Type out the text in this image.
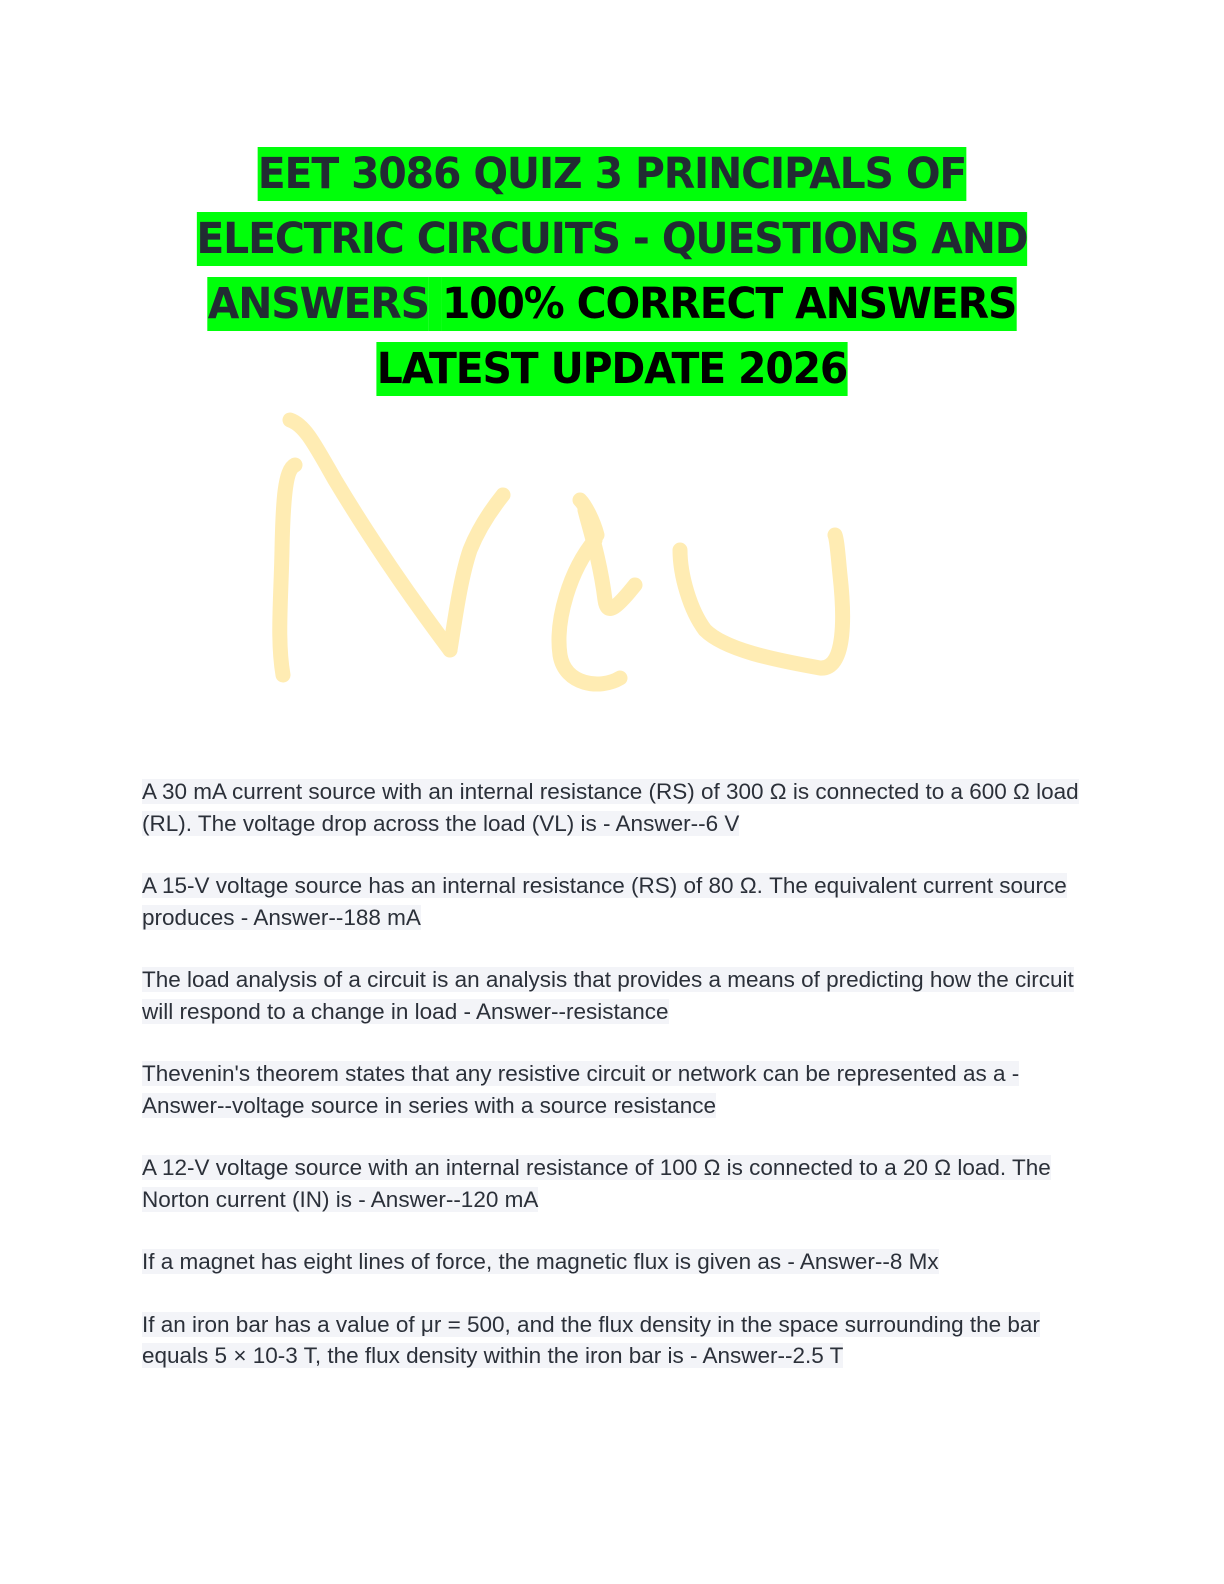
EET 3086 QUIZ 3 PRINCIPALS OF
ELECTRIC CIRCUITS - QUESTIONS AND
ANSWERS 100% CORRECT ANSWERS
LATEST UPDATE 2026
A 30 mA current source with an internal resistance (RS) of 300 Ω is connected to a 600 Ω load (RL). The voltage drop across the load (VL) is - Answer--6 V
A 15-V voltage source has an internal resistance (RS) of 80 Ω. The equivalent current source produces - Answer--188 mA
The load analysis of a circuit is an analysis that provides a means of predicting how the circuit will respond to a change in load - Answer--resistance
Thevenin's theorem states that any resistive circuit or network can be represented as a - Answer--voltage source in series with a source resistance
A 12-V voltage source with an internal resistance of 100 Ω is connected to a 20 Ω load. The Norton current (IN) is - Answer--120 mA
If a magnet has eight lines of force, the magnetic flux is given as - Answer--8 Mx
If an iron bar has a value of μr = 500, and the flux density in the space surrounding the bar equals 5 × 10-3 T, the flux density within the iron bar is - Answer--2.5 T
